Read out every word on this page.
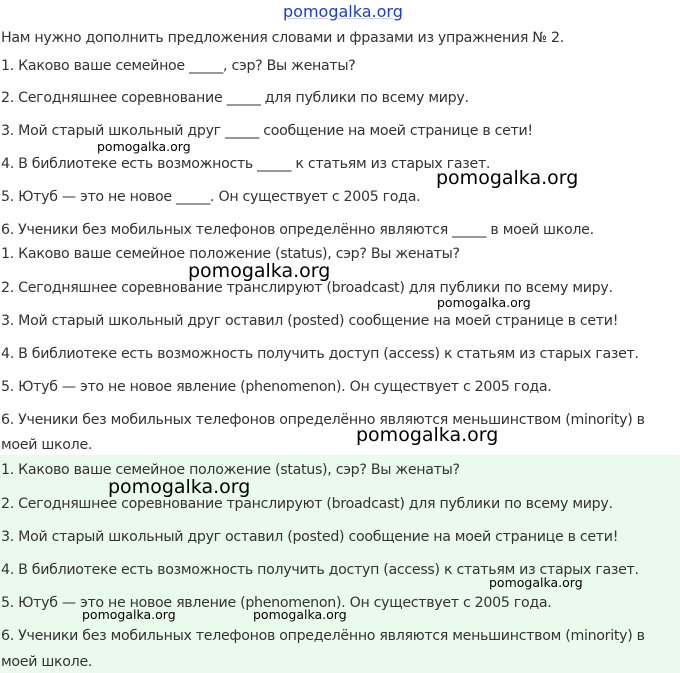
pomogalka.org
Нам нужно дополнить предложения словами и фразами из упражнения № 2.
1. Каково ваше семейное _____, сэр? Вы женаты?
2. Сегодняшнее соревнование _____ для публики по всему миру.
3. Мой старый школьный друг _____ сообщение на моей странице в сети!
4. В библиотеке есть возможность _____ к статьям из старых газет.
5. Ютуб — это не новое _____. Он существует с 2005 года.
6. Ученики без мобильных телефонов определённо являются _____ в моей школе.
1. Каково ваше семейное положение (status), сэр? Вы женаты?
2. Сегодняшнее соревнование транслируют (broadcast) для публики по всему миру.
3. Мой старый школьный друг оставил (posted) сообщение на моей странице в сети!
4. В библиотеке есть возможность получить доступ (access) к статьям из старых газет.
5. Ютуб — это не новое явление (phenomenon). Он существует с 2005 года.
6. Ученики без мобильных телефонов определённо являются меньшинством (minority) в
моей школе.
1. Каково ваше семейное положение (status), сэр? Вы женаты?
2. Сегодняшнее соревнование транслируют (broadcast) для публики по всему миру.
3. Мой старый школьный друг оставил (posted) сообщение на моей странице в сети!
4. В библиотеке есть возможность получить доступ (access) к статьям из старых газет.
5. Ютуб — это не новое явление (phenomenon). Он существует с 2005 года.
6. Ученики без мобильных телефонов определённо являются меньшинством (minority) в
моей школе.
pomogalka.org
pomogalka.org
pomogalka.org
pomogalka.org
pomogalka.org
pomogalka.org
pomogalka.org
pomogalka.org	pomogalka.org
